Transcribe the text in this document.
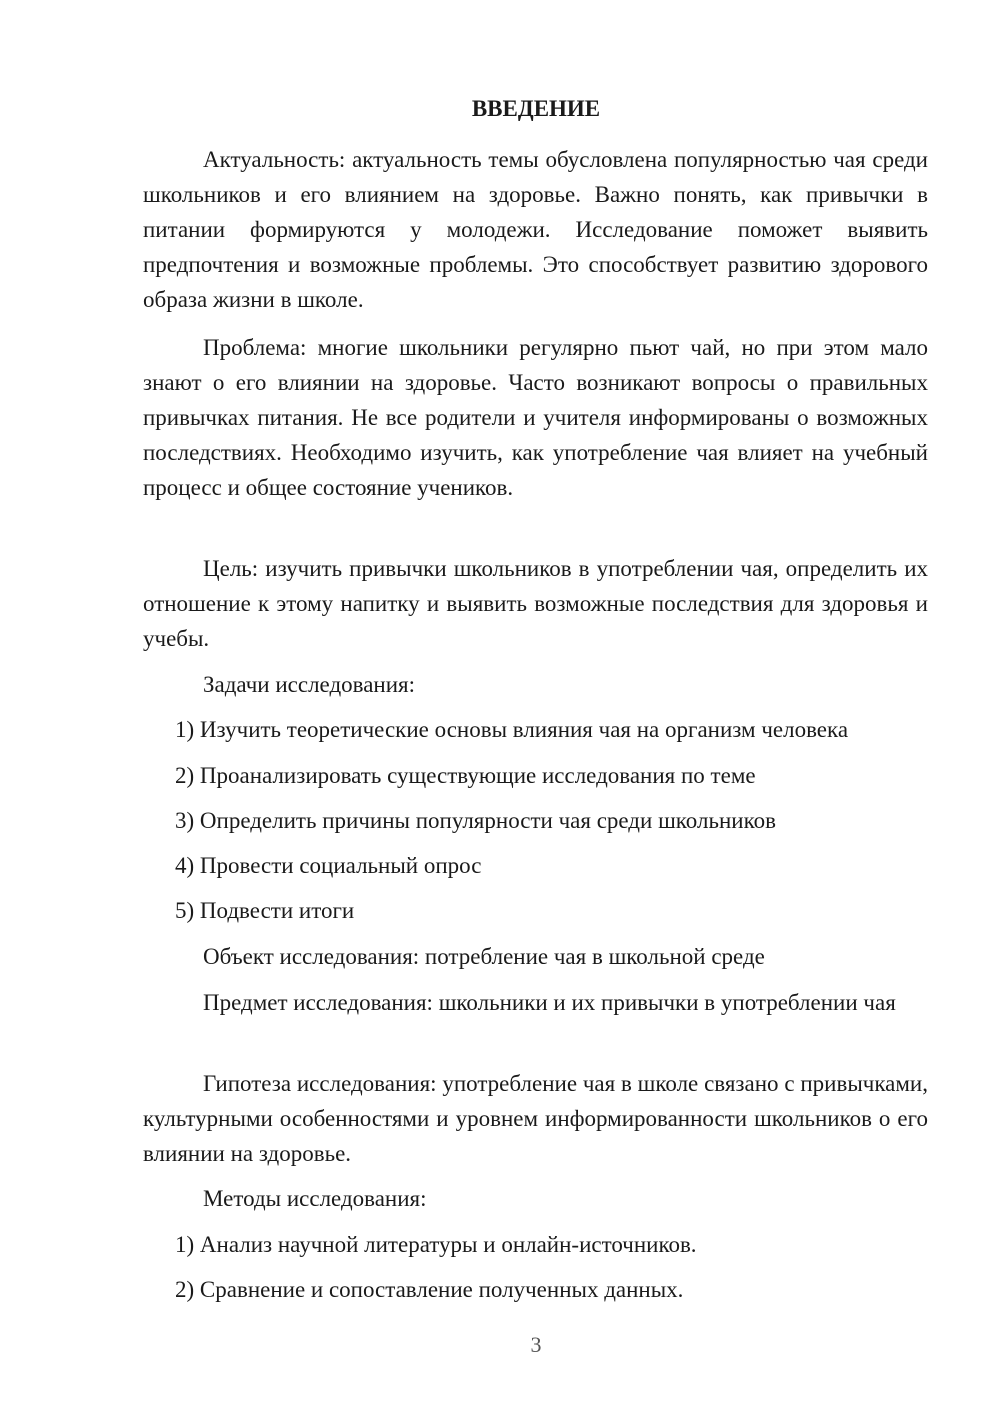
ВВЕДЕНИЕ

Актуальность: актуальность темы обусловлена популярностью чая среди школьников и его влиянием на здоровье. Важно понять, как привычки в питании формируются у молодежи. Исследование поможет выявить предпочтения и возможные проблемы. Это способствует развитию здорового образа жизни в школе.

Проблема: многие школьники регулярно пьют чай, но при этом мало знают о его влиянии на здоровье. Часто возникают вопросы о правильных привычках питания. Не все родители и учителя информированы о возможных последствиях. Необходимо изучить, как употребление чая влияет на учебный процесс и общее состояние учеников.

Цель: изучить привычки школьников в употреблении чая, определить их отношение к этому напитку и выявить возможные последствия для здоровья и учебы.

Задачи исследования:

1) Изучить теоретические основы влияния чая на организм человека
2) Проанализировать существующие исследования по теме
3) Определить причины популярности чая среди школьников
4) Провести социальный опрос
5) Подвести итоги

Объект исследования: потребление чая в школьной среде

Предмет исследования: школьники и их привычки в употреблении чая

Гипотеза исследования: употребление чая в школе связано с привычками, культурными особенностями и уровнем информированности школьников о его влиянии на здоровье.

Методы исследования:

1) Анализ научной литературы и онлайн-источников.
2) Сравнение и сопоставление полученных данных.
3
